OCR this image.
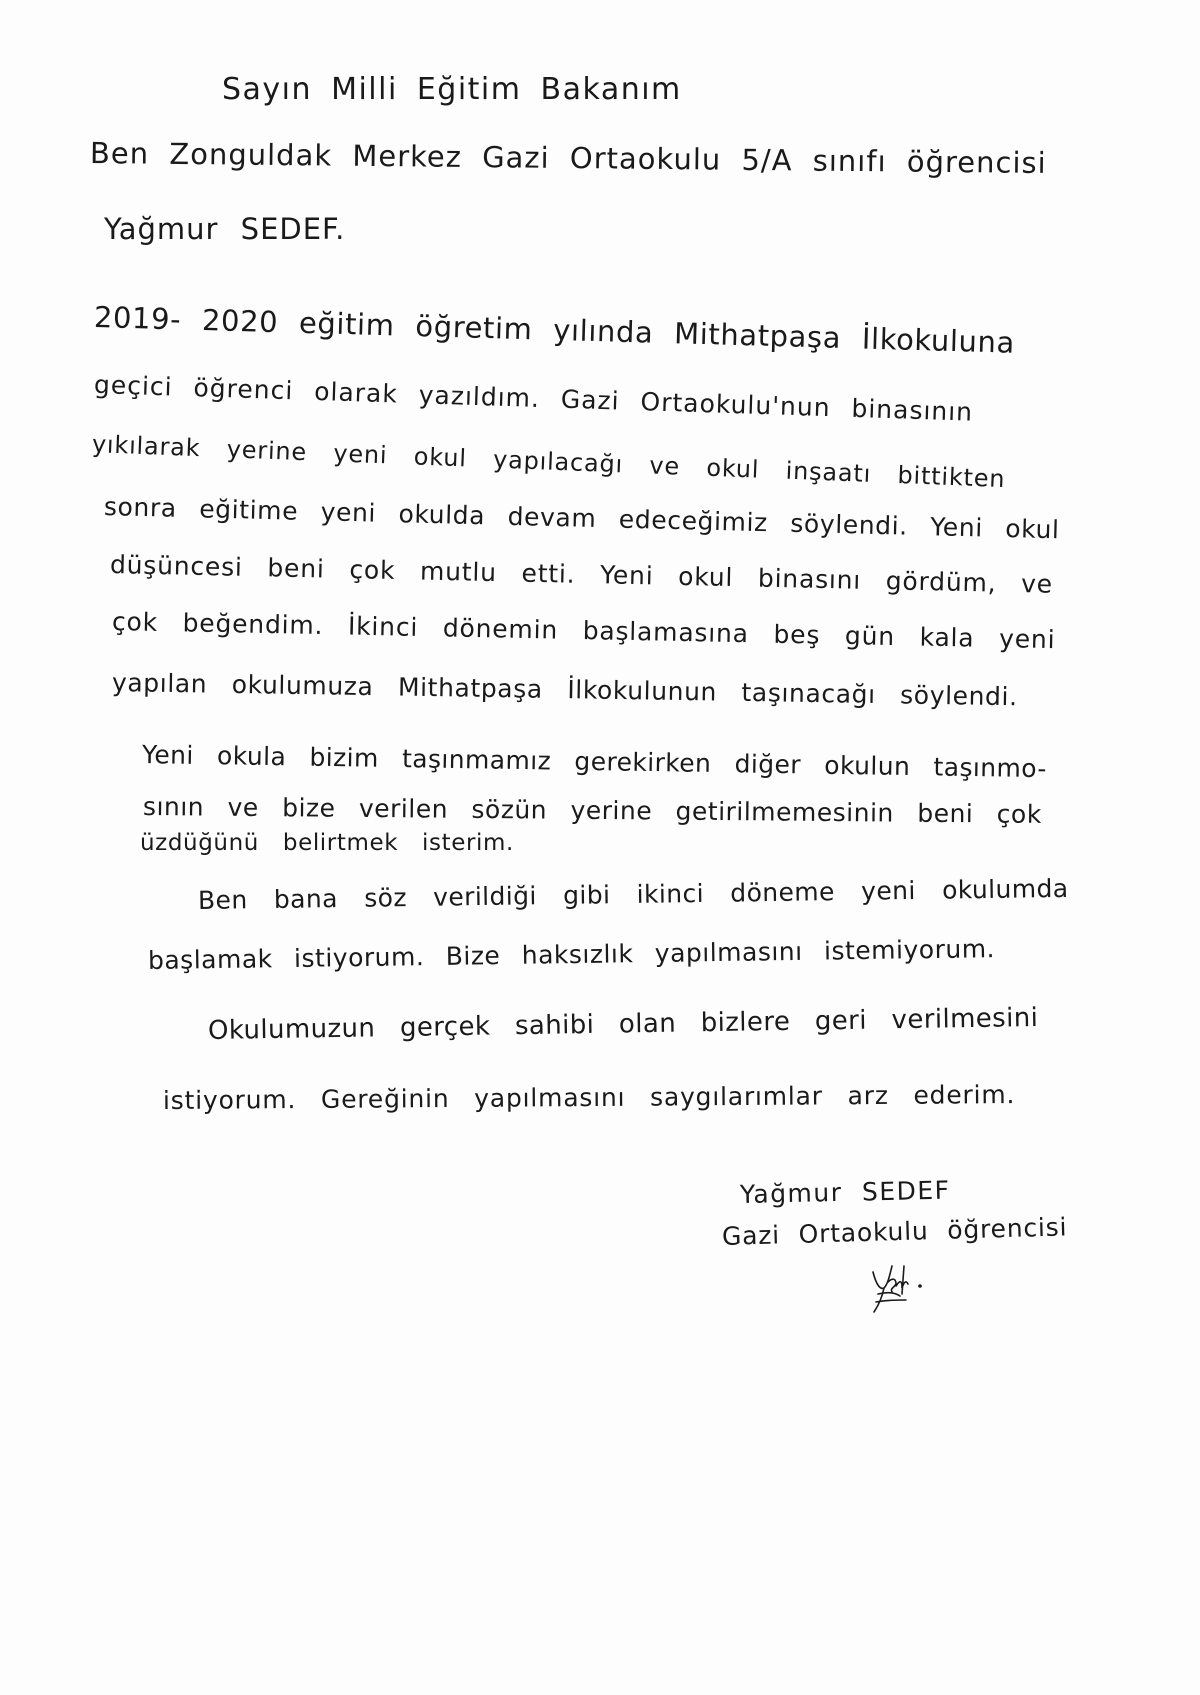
Sayın Milli Eğitim Bakanım
Ben Zonguldak Merkez Gazi Ortaokulu 5/A sınıfı öğrencisi
Yağmur SEDEF.
2019- 2020 eğitim öğretim yılında Mithatpaşa İlkokuluna
geçici öğrenci olarak yazıldım. Gazi Ortaokulu'nun binasının
yıkılarak yerine yeni okul yapılacağı ve okul inşaatı bittikten
sonra eğitime yeni okulda devam edeceğimiz söylendi. Yeni okul
düşüncesi beni çok mutlu etti. Yeni okul binasını gördüm, ve
çok beğendim. İkinci dönemin başlamasına beş gün kala yeni
yapılan okulumuza Mithatpaşa İlkokulunun taşınacağı söylendi.
Yeni okula bizim taşınmamız gerekirken diğer okulun taşınmo-
sının ve bize verilen sözün yerine getirilmemesinin beni çok
üzdüğünü belirtmek isterim.
Ben bana söz verildiği gibi ikinci döneme yeni okulumda
başlamak istiyorum. Bize haksızlık yapılmasını istemiyorum.
Okulumuzun gerçek sahibi olan bizlere geri verilmesini
istiyorum. Gereğinin yapılmasını saygılarımlar arz ederim.
Yağmur SEDEF
Gazi Ortaokulu öğrencisi
